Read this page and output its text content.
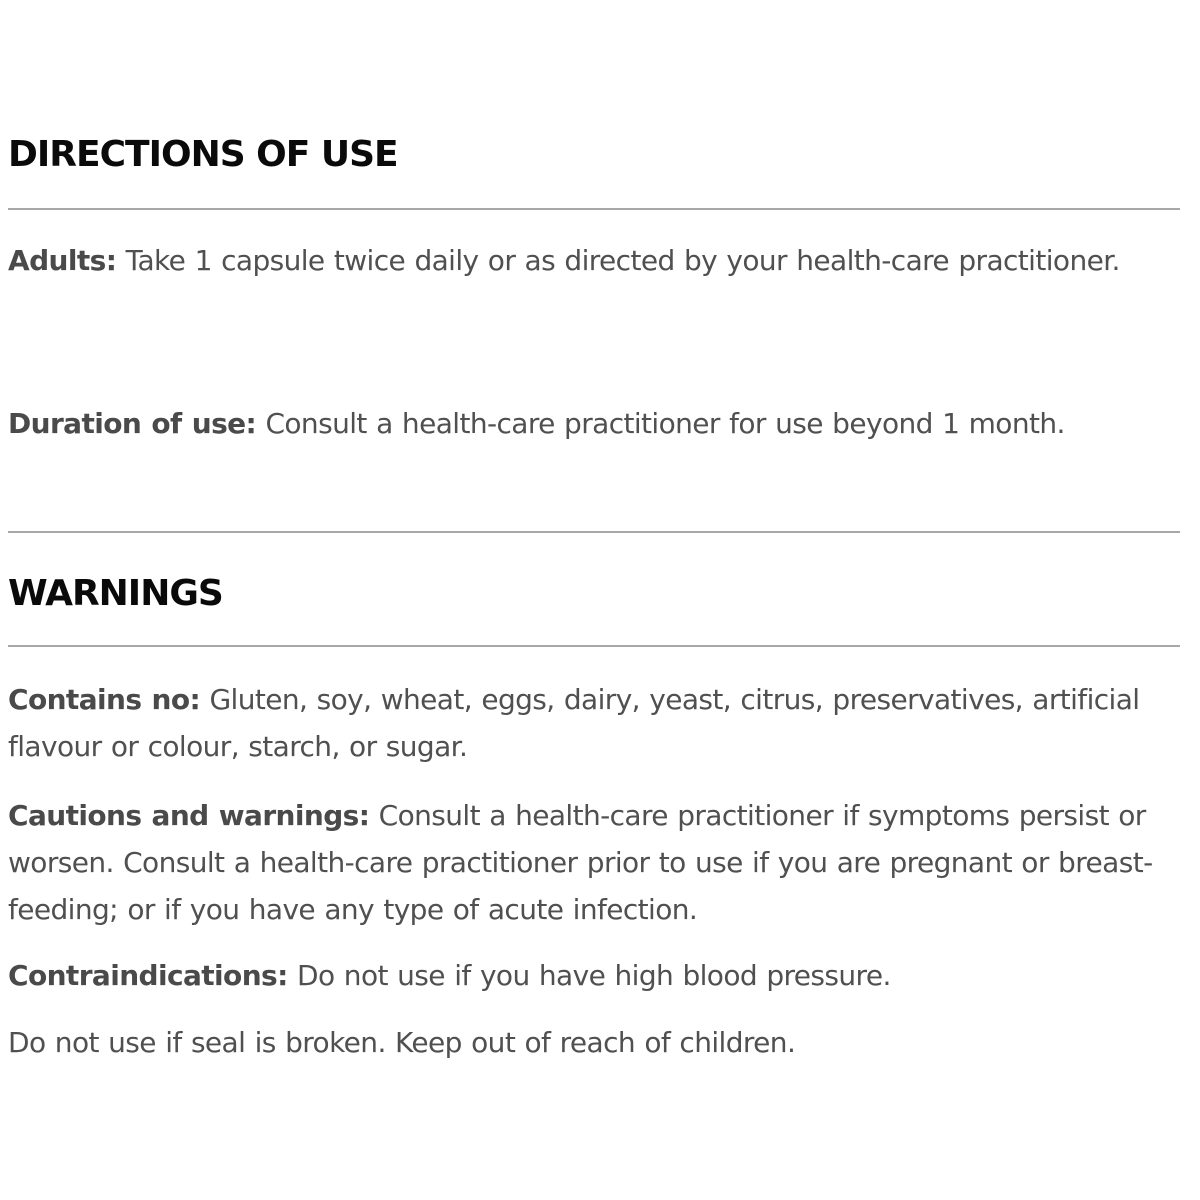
DIRECTIONS OF USE

Adults: Take 1 capsule twice daily or as directed by your health-care practitioner.

Duration of use: Consult a health-care practitioner for use beyond 1 month.

WARNINGS

Contains no: Gluten, soy, wheat, eggs, dairy, yeast, citrus, preservatives, artificial flavour or colour, starch, or sugar.

Cautions and warnings: Consult a health-care practitioner if symptoms persist or worsen. Consult a health-care practitioner prior to use if you are pregnant or breast-feeding; or if you have any type of acute infection.

Contraindications: Do not use if you have high blood pressure.

Do not use if seal is broken. Keep out of reach of children.
